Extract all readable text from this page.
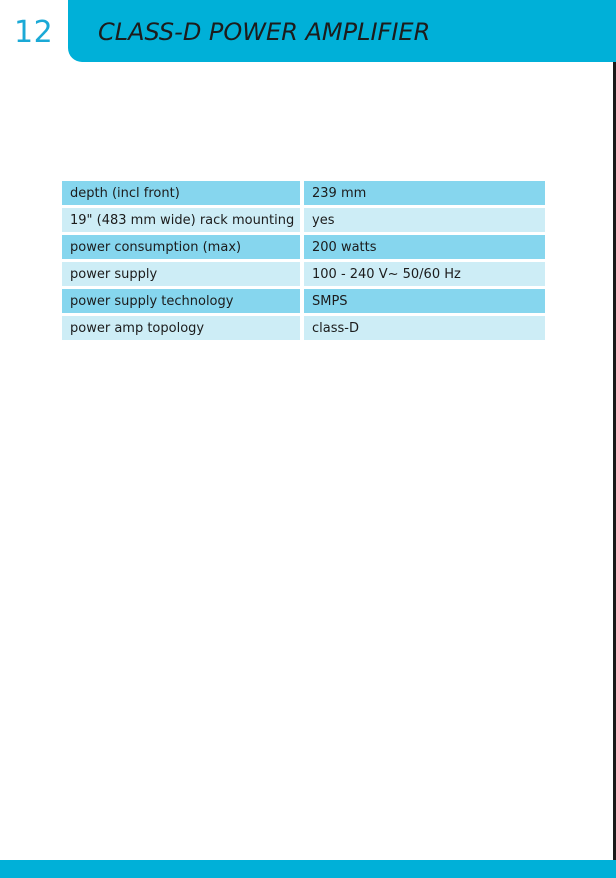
12 CLASS-D POWER AMPLIFIER
depth (incl front)	239 mm
19" (483 mm wide) rack mounting	yes
power consumption (max)	200 watts
power supply	100 - 240 V~ 50/60 Hz
power supply technology	SMPS
power amp topology	class-D
